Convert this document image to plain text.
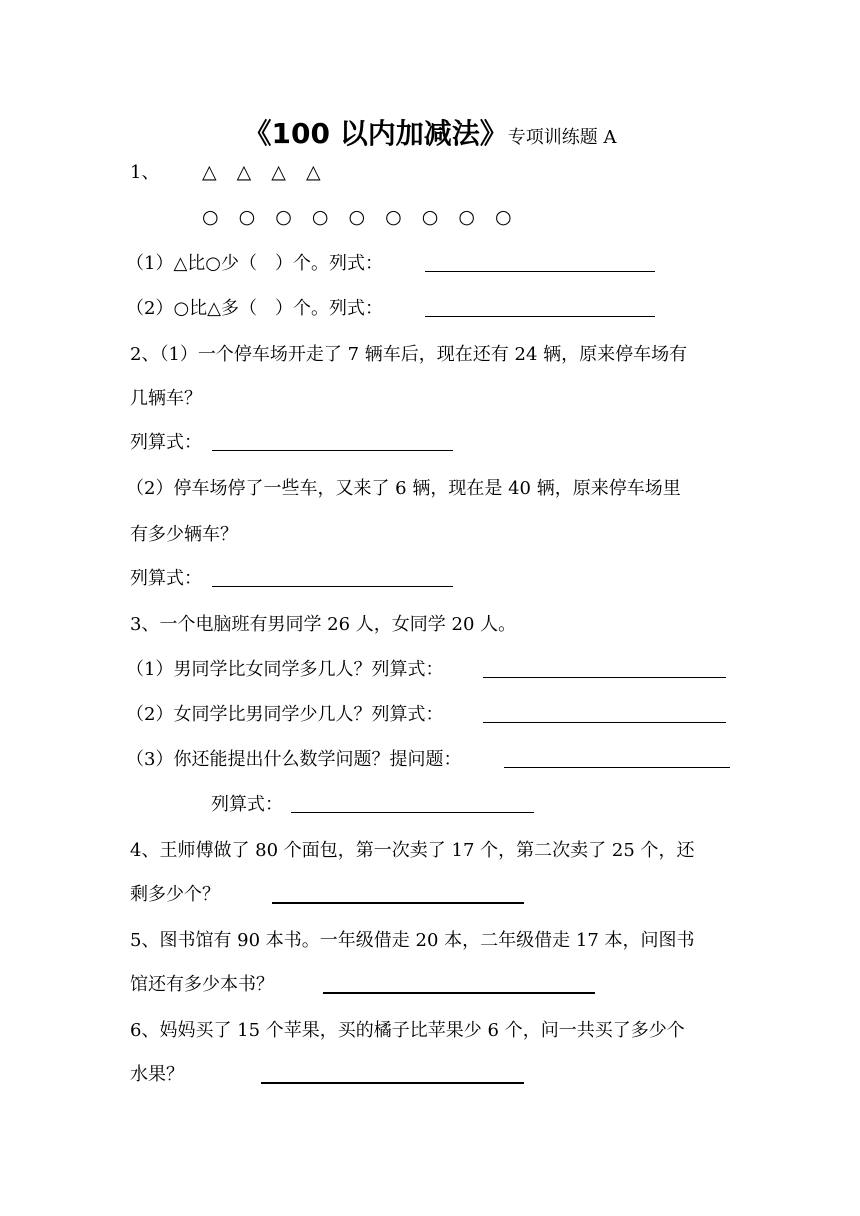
《100 以内加减法》专项训练题 A
1、 △ △ △ △
○ ○ ○ ○ ○ ○ ○ ○ ○
（1）△比○少（　）个。列式：
（2）○比△多（　）个。列式：
2、（1）一个停车场开走了 7 辆车后，现在还有 24 辆，原来停车场有
几辆车？
列算式：
（2）停车场停了一些车，又来了 6 辆，现在是 40 辆，原来停车场里
有多少辆车？
列算式：
3、一个电脑班有男同学 26 人，女同学 20 人。
（1）男同学比女同学多几人？列算式：
（2）女同学比男同学少几人？列算式：
（3）你还能提出什么数学问题？提问题：
列算式：
4、王师傅做了 80 个面包，第一次卖了 17 个，第二次卖了 25 个，还
剩多少个？
5、图书馆有 90 本书。一年级借走 20 本，二年级借走 17 本，问图书
馆还有多少本书？
6、妈妈买了 15 个苹果，买的橘子比苹果少 6 个，问一共买了多少个
水果？
